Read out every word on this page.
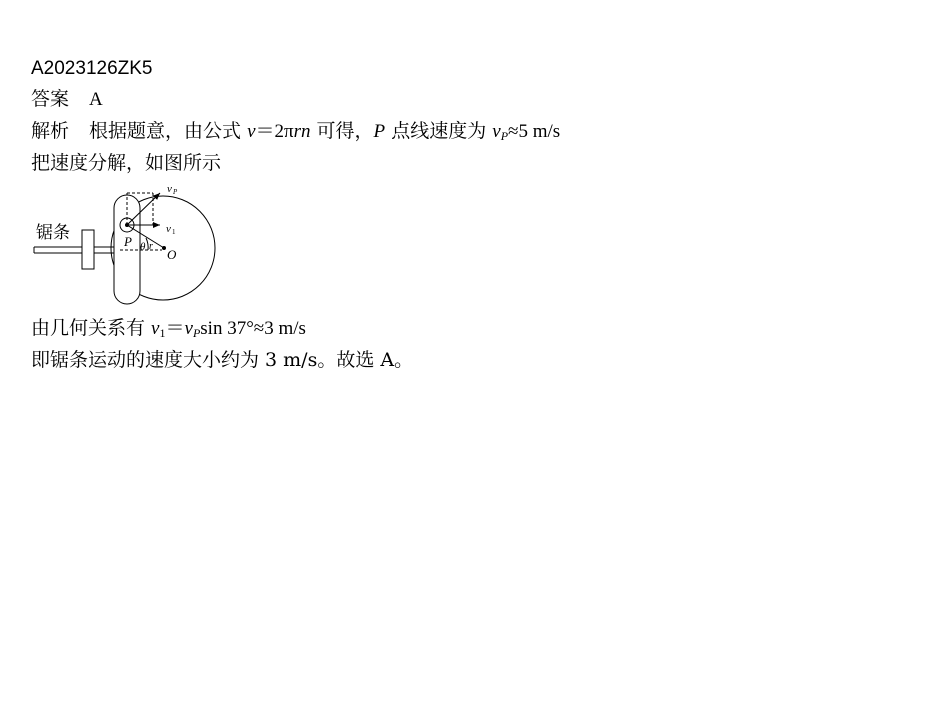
A2023126ZK5
答案 A
解析 根据题意，由公式 v＝2πrn 可得，P 点线速度为 $v_P\approx 5$ m/s
把速度分解，如图所示
锯条
v P
v 1
P θ r
O
由几何关系有 $v_1=v_P\sin$ 37°≈3 m/s
即锯条运动的速度大小约为 3 m/s。故选 A。
